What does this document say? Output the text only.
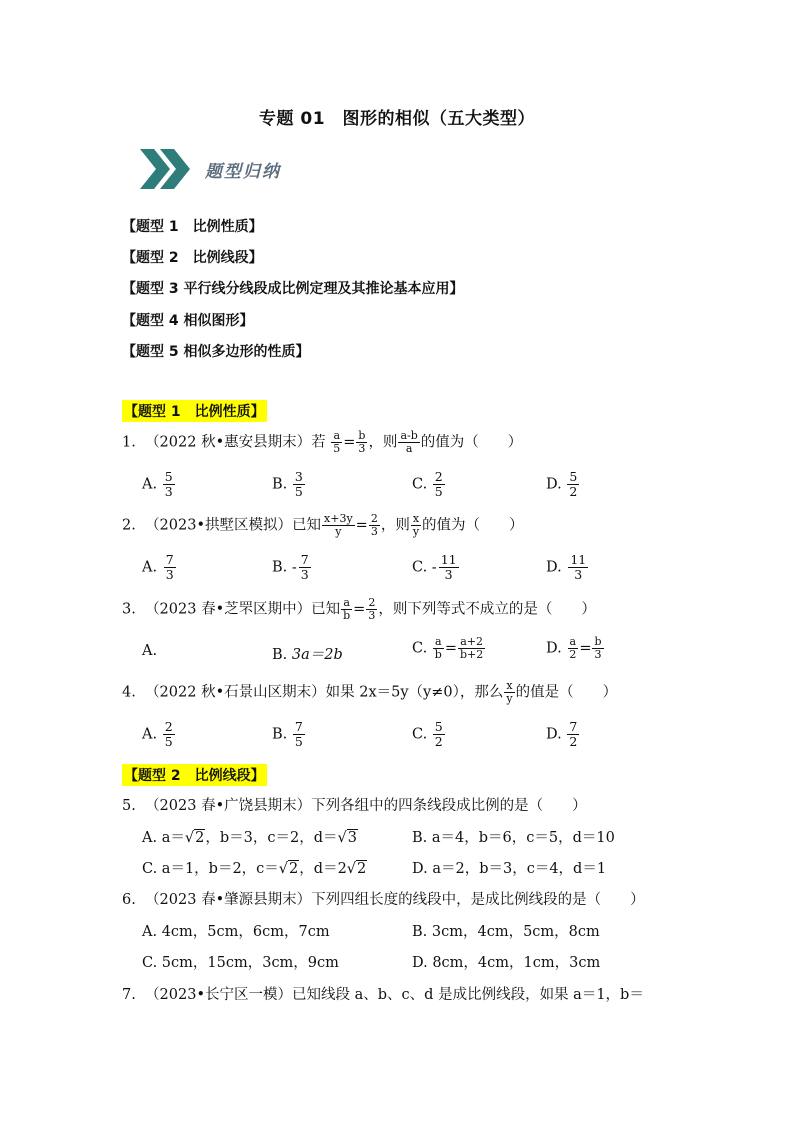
专题 01　图形的相似（五大类型）
题型归纳
【题型 1　比例性质】
【题型 2　比例线段】
【题型 3 平行线分线段成比例定理及其推论基本应用】
【题型 4 相似图形】
【题型 5 相似多边形的性质】
【题型 1　比例性质】
1. （2022 秋•惠安县期末）若 $\frac{a}{5} = \frac{b}{3}$ ，则 $\frac{a-b}{a}$ 的值为（　　）
A. $\frac{5}{3}$	B. $\frac{3}{5}$	C. $\frac{2}{5}$	D. $\frac{5}{2}$
2. （2023•拱墅区模拟）已知 $\frac{x+3y}{y} = \frac{2}{3}$ ，则 $\frac{x}{y}$ 的值为（　　）
A. $\frac{7}{3}$	B. - $\frac{7}{3}$	C. - $\frac{11}{3}$	D. $\frac{11}{3}$
3. （2023 春•芝罘区期中）已知 $\frac{a}{b} = \frac{2}{3}$ ，则下列等式不成立的是（　　）
A.	B. 3a＝2b	C. $\frac{a}{b} = \frac{a+2}{b+2}$	D. $\frac{a}{2} = \frac{b}{3}$
4. （2022 秋•石景山区期末）如果 2x＝5y（y≠0），那么 $\frac{x}{y}$ 的值是（　　）
A. $\frac{2}{5}$	B. $\frac{7}{5}$	C. $\frac{5}{2}$	D. $\frac{7}{2}$
【题型 2　比例线段】
5. （2023 春•广饶县期末）下列各组中的四条线段成比例的是（　　）
A. a＝√2，b＝3，c＝2，d＝√3	B. a＝4，b＝6，c＝5，d＝10
C. a＝1，b＝2，c＝√2，d＝2√2	D. a＝2，b＝3，c＝4，d＝1
6. （2023 春•肇源县期末）下列四组长度的线段中，是成比例线段的是（　　）
A. 4cm，5cm，6cm，7cm	B. 3cm，4cm，5cm，8cm
C. 5cm，15cm，3cm，9cm	D. 8cm，4cm，1cm，3cm
7. （2023•长宁区一模）已知线段 a、b、c、d 是成比例线段，如果 a＝1，b＝
